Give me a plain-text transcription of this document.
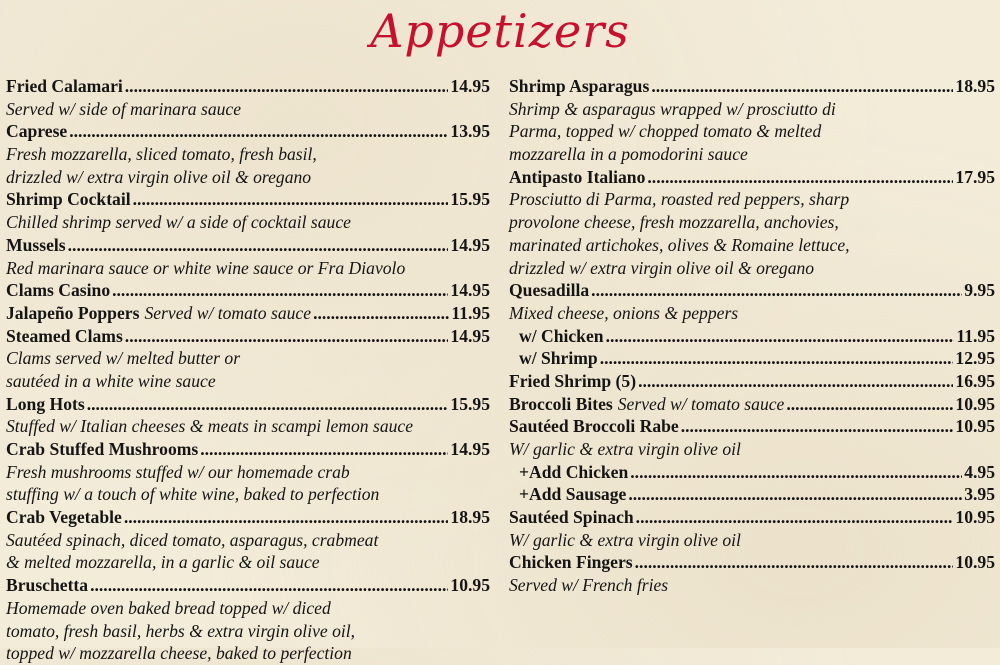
Appetizers
Fried Calamari .....	14.95
Served w/ side of marinara sauce
Caprese .....	13.95
Fresh mozzarella, sliced tomato, fresh basil,
drizzled w/ extra virgin olive oil & oregano
Shrimp Cocktail .....	15.95
Chilled shrimp served w/ a side of cocktail sauce
Mussels .....	14.95
Red marinara sauce or white wine sauce or Fra Diavolo
Clams Casino .....	14.95
Jalapeño Poppers Served w/ tomato sauce .....	11.95
Steamed Clams .....	14.95
Clams served w/ melted butter or
sautéed in a white wine sauce
Long Hots .....	15.95
Stuffed w/ Italian cheeses & meats in scampi lemon sauce
Crab Stuffed Mushrooms .....	14.95
Fresh mushrooms stuffed w/ our homemade crab
stuffing w/ a touch of white wine, baked to perfection
Crab Vegetable .....	18.95
Sautéed spinach, diced tomato, asparagus, crabmeat
& melted mozzarella, in a garlic & oil sauce
Bruschetta .....	10.95
Homemade oven baked bread topped w/ diced
tomato, fresh basil, herbs & extra virgin olive oil,
topped w/ mozzarella cheese, baked to perfection
Shrimp Asparagus .....	18.95
Shrimp & asparagus wrapped w/ prosciutto di
Parma, topped w/ chopped tomato & melted
mozzarella in a pomodorini sauce
Antipasto Italiano .....	17.95
Prosciutto di Parma, roasted red peppers, sharp
provolone cheese, fresh mozzarella, anchovies,
marinated artichokes, olives & Romaine lettuce,
drizzled w/ extra virgin olive oil & oregano
Quesadilla .....	9.95
Mixed cheese, onions & peppers
w/ Chicken .....	11.95
w/ Shrimp .....	12.95
Fried Shrimp (5) .....	16.95
Broccoli Bites Served w/ tomato sauce .....	10.95
Sautéed Broccoli Rabe .....	10.95
W/ garlic & extra virgin olive oil
+Add Chicken .....	4.95
+Add Sausage .....	3.95
Sautéed Spinach .....	10.95
W/ garlic & extra virgin olive oil
Chicken Fingers .....	10.95
Served w/ French fries
